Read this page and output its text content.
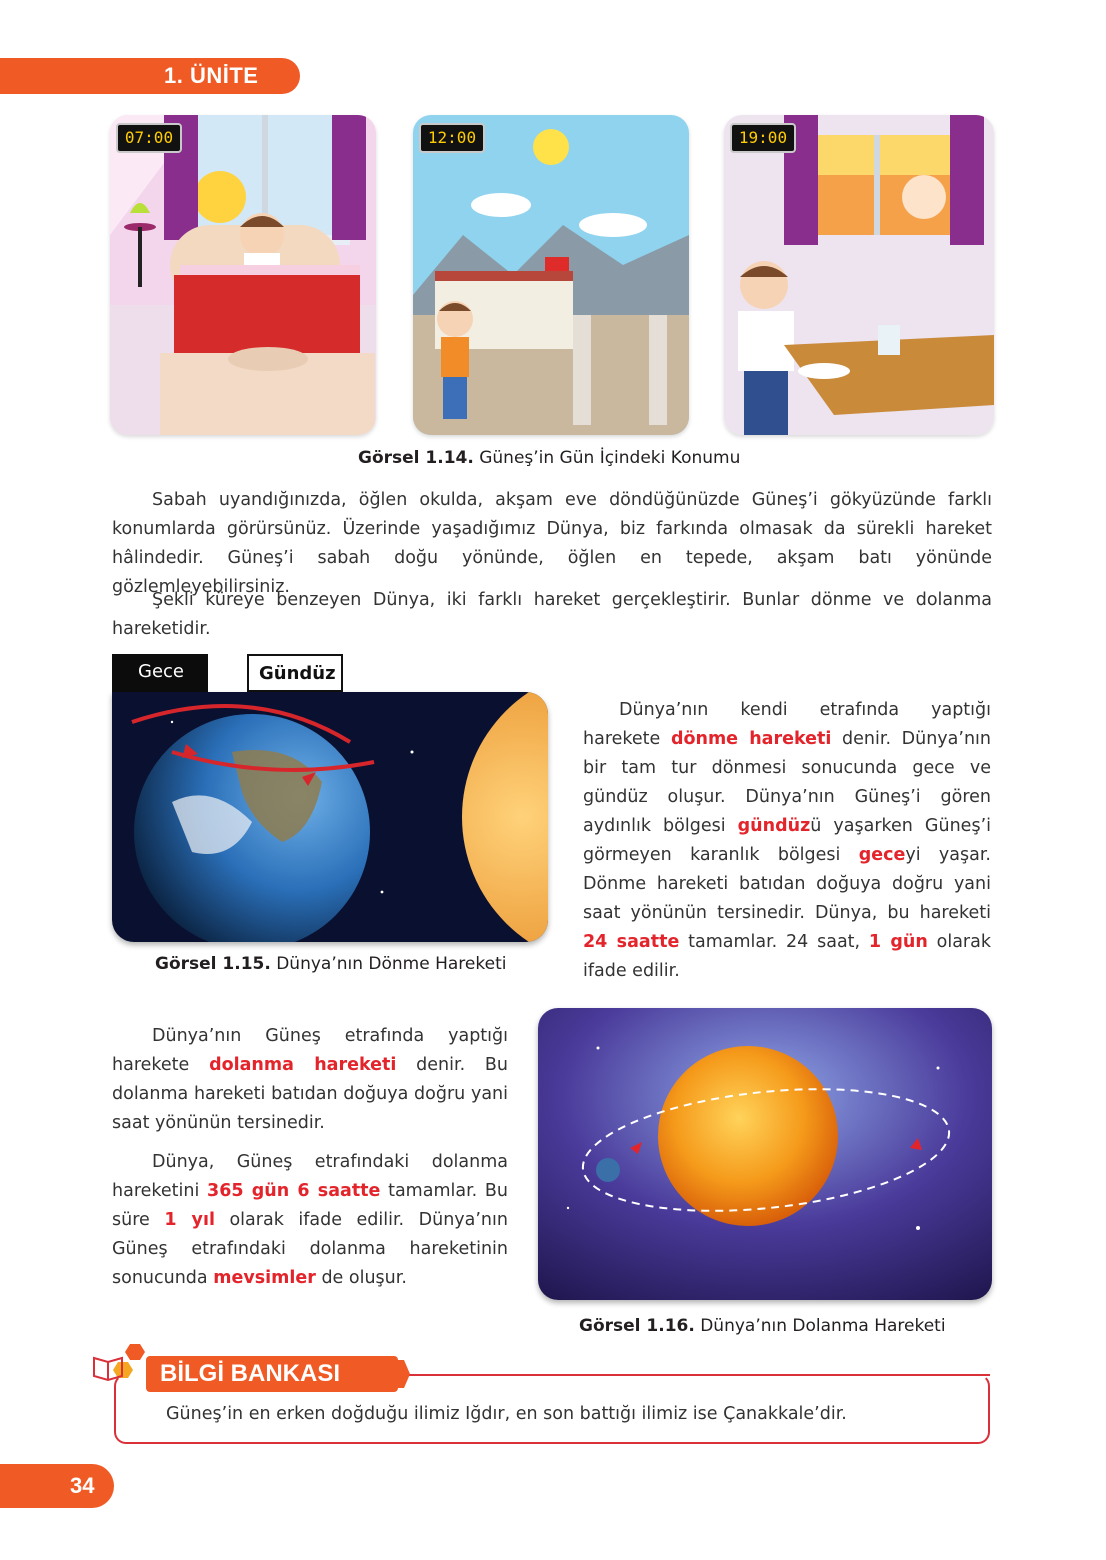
1. ÜNİTE
07:00	12:00	19:00
Görsel 1.14. Güneş’in Gün İçindeki Konumu

Sabah uyandığınızda, öğlen okulda, akşam eve döndüğünüzde Güneş’i gökyüzünde farklı konumlarda görürsünüz. Üzerinde yaşadığımız Dünya, biz farkında olmasak da sürekli hareket hâlindedir. Güneş’i sabah doğu yönünde, öğlen en tepede, akşam batı yönünde gözlemleyebilirsiniz.

Şekli küreye benzeyen Dünya, iki farklı hareket gerçekleştirir. Bunlar dönme ve dolanma hareketidir.

Gece	Gündüz
Görsel 1.15. Dünya’nın Dönme Hareketi

Dünya’nın kendi etrafında yaptığı harekete dönme hareketi denir. Dünya’nın bir tam tur dönmesi sonucunda gece ve gündüz oluşur. Dünya’nın Güneş’i gören aydınlık bölgesi gündüzü yaşarken Güneş’i görmeyen karanlık bölgesi geceyi yaşar. Dönme hareketi batıdan doğuya doğru yani saat yönünün tersinedir. Dünya, bu hareketi 24 saatte tamamlar. 24 saat, 1 gün olarak ifade edilir.

Dünya’nın Güneş etrafında yaptığı harekete dolanma hareketi denir. Bu dolanma hareketi batıdan doğuya doğru yani saat yönünün tersinedir.

Dünya, Güneş etrafındaki dolanma hareketini 365 gün 6 saatte tamamlar. Bu süre 1 yıl olarak ifade edilir. Dünya’nın Güneş etrafındaki dolanma hareketinin sonucunda mevsimler de oluşur.

Görsel 1.16. Dünya’nın Dolanma Hareketi
BİLGİ BANKASI
Güneş’in en erken doğduğu ilimiz Iğdır, en son battığı ilimiz ise Çanakkale’dir.
34
